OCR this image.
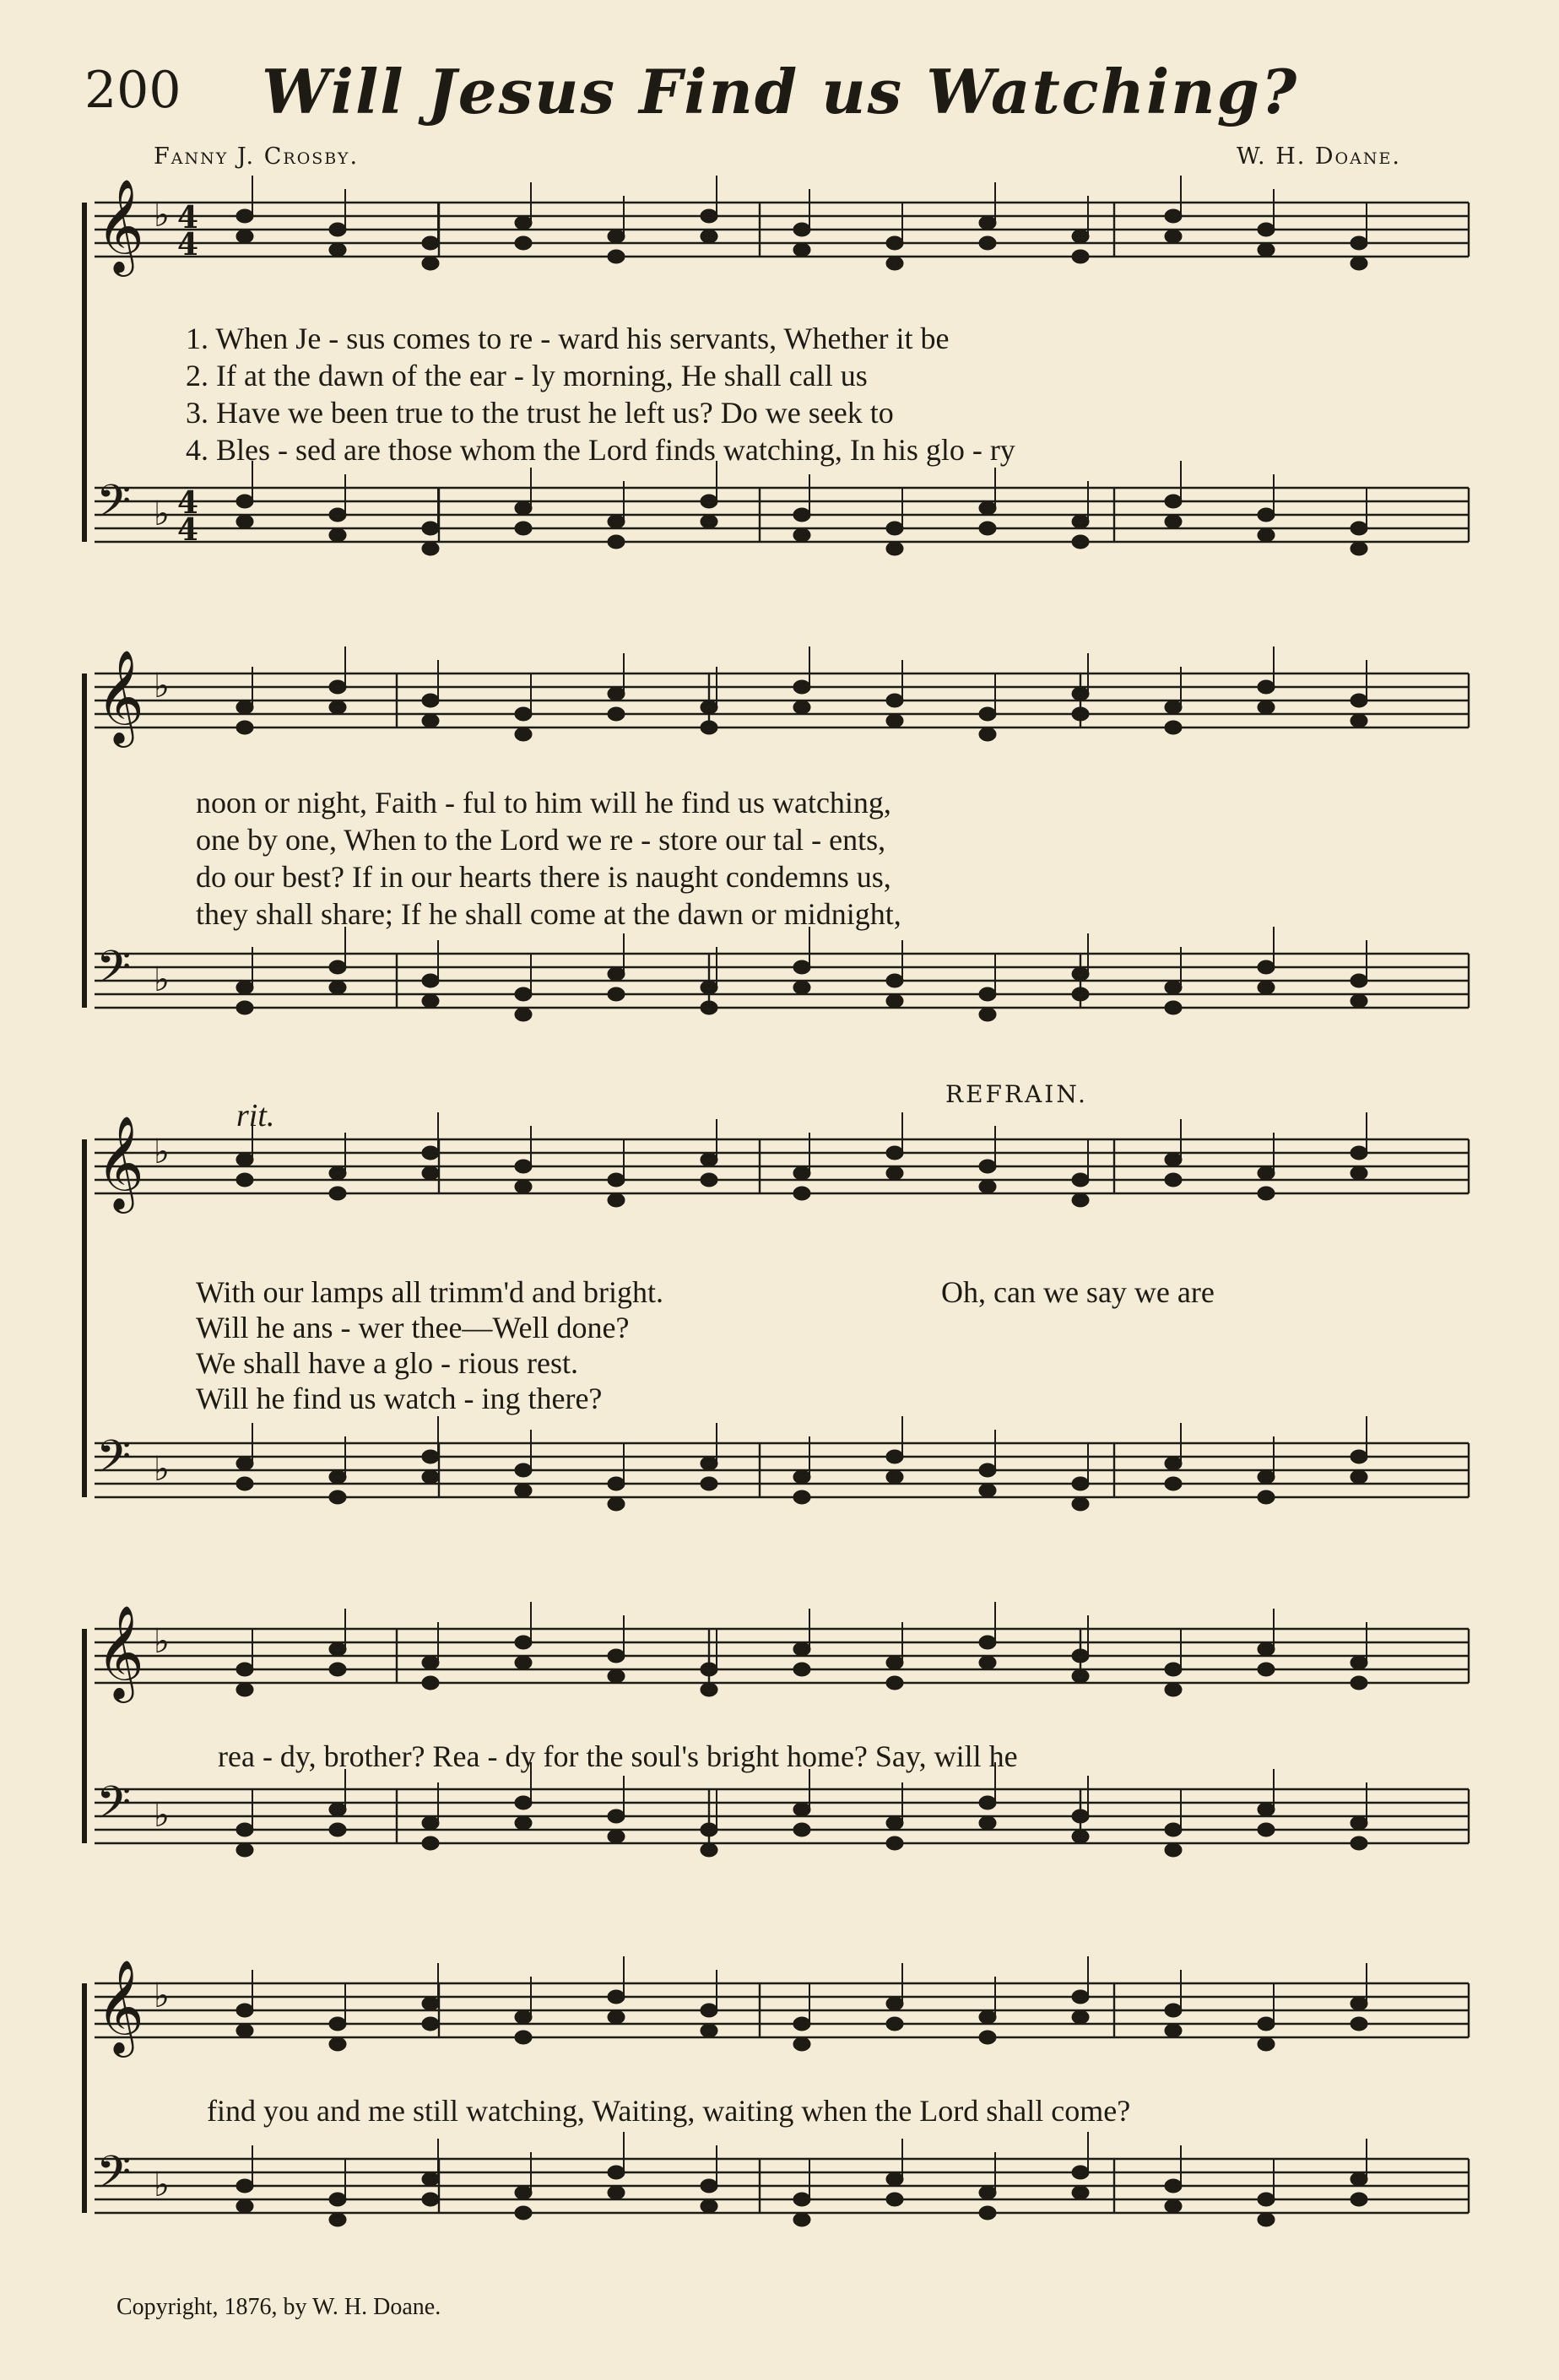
200 Will Jesus Find us Watching?
Fanny J. Crosby.	W. H. Doane.
𝄞 ♭ 4
4
𝄢 ♭ 4
4
𝄞 ♭
𝄢 ♭
𝄞 ♭
𝄢 ♭
𝄞 ♭
𝄢 ♭
𝄞 ♭
𝄢 ♭
1. When Je - sus comes to re - ward his servants, Whether it be
2. If at the dawn of the ear - ly morning, He shall call us
3. Have we been true to the trust he left us? Do we seek to
4. Bles - sed are those whom the Lord finds watching, In his glo - ry
noon or night, Faith - ful to him will he find us watching,
one by one, When to the Lord we re - store our tal - ents,
do our best? If in our hearts there is naught condemns us,
they shall share; If he shall come at the dawn or midnight,
REFRAIN.
rit.
With our lamps all trimm'd and bright.
Will he ans - wer thee—Well done?
We shall have a glo - rious rest.
Will he find us watch - ing there?
Oh, can we say we are
rea - dy, brother? Rea - dy for the soul's bright home? Say, will he
find you and me still watching, Waiting, waiting when the Lord shall come?
Copyright, 1876, by W. H. Doane.
